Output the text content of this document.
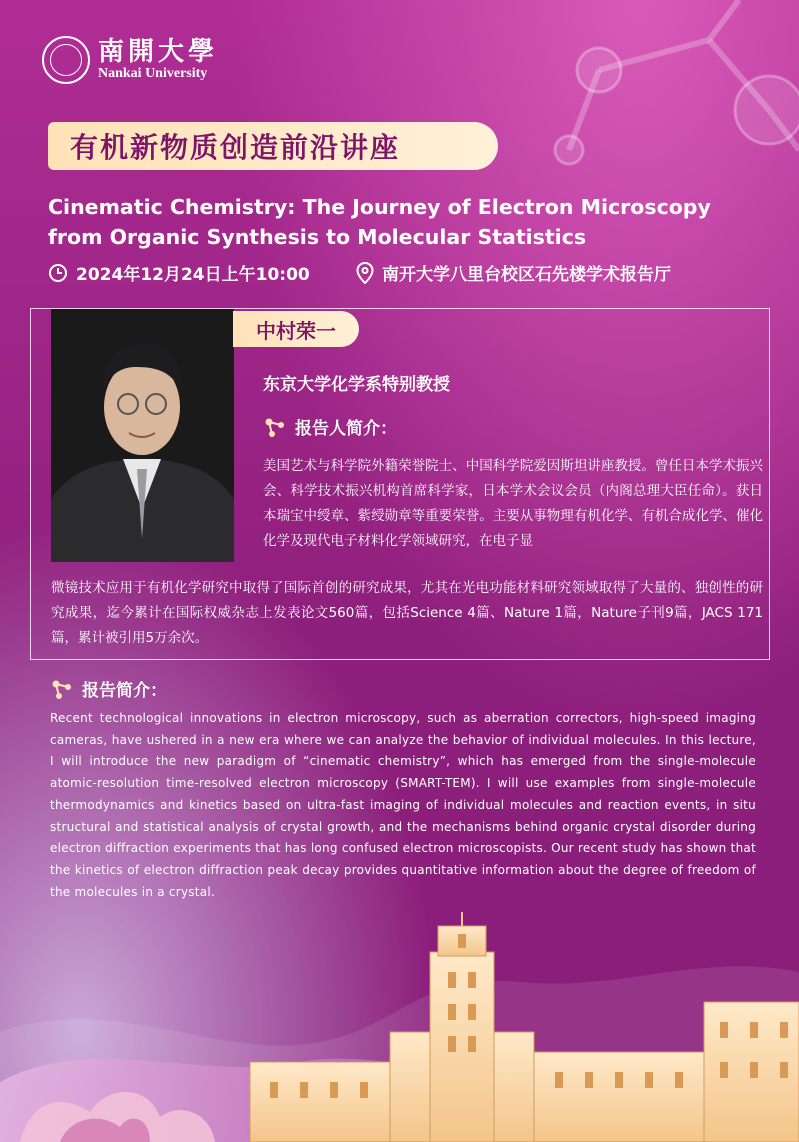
南開大學
Nankai University
有机新物质创造前沿讲座
Cinematic Chemistry: The Journey of Electron Microscopy from Organic Synthesis to Molecular Statistics
2024年12月24日上午10:00	南开大学八里台校区石先楼学术报告厅
中村荣一
东京大学化学系特别教授
报告人简介：
美国艺术与科学院外籍荣誉院士、中国科学院爱因斯坦讲座教授。曾任日本学术振兴会、科学技术振兴机构首席科学家，日本学术会议会员（内阁总理大臣任命）。获日本瑞宝中绶章、紫绶勋章等重要荣誉。主要从事物理有机化学、有机合成化学、催化化学及现代电子材料化学领域研究，在电子显
微镜技术应用于有机化学研究中取得了国际首创的研究成果，尤其在光电功能材料研究领域取得了大量的、独创性的研究成果，迄今累计在国际权威杂志上发表论文560篇，包括Science 4篇、Nature 1篇，Nature子刊9篇，JACS 171 篇，累计被引用5万余次。
报告简介：
Recent technological innovations in electron microscopy, such as aberration correctors, high-speed imaging cameras, have ushered in a new era where we can analyze the behavior of individual molecules. In this lecture, I will introduce the new paradigm of “cinematic chemistry”, which has emerged from the single-molecule atomic-resolution time-resolved electron microscopy (SMART-TEM). I will use examples from single-molecule thermodynamics and kinetics based on ultra-fast imaging of individual molecules and reaction events, in situ structural and statistical analysis of crystal growth, and the mechanisms behind organic crystal disorder during electron diffraction experiments that has long confused electron microscopists. Our recent study has shown that the kinetics of electron diffraction peak decay provides quantitative information about the degree of freedom of the molecules in a crystal.
